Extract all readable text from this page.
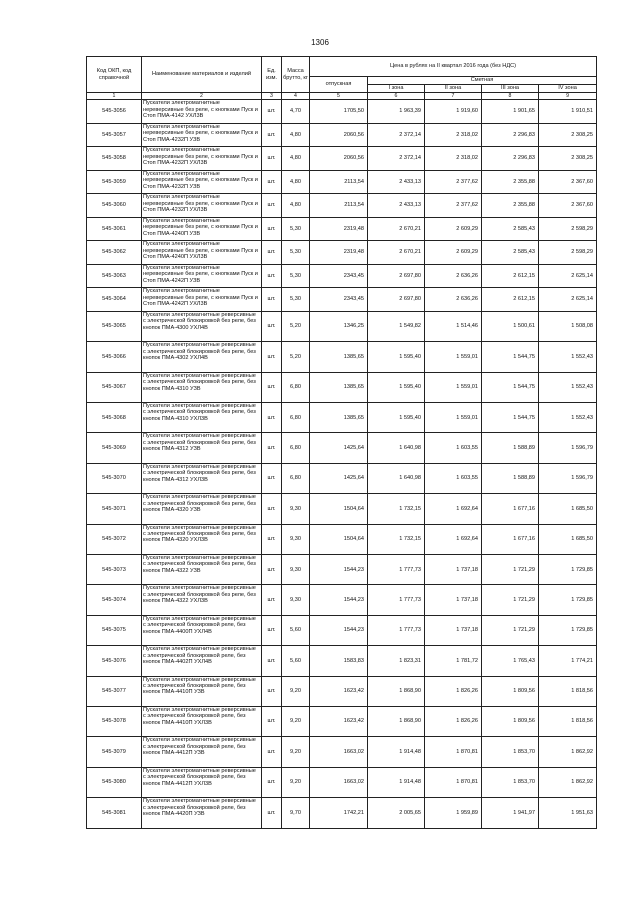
1306
Код ОКП, код справочной	Наименование материалов и изделий	Ед. изм.	Масса брутто, кг	Цена в рублях на II квартал 2016 года (без НДС)				
				отпускная	Сметная			
					I зона	II зона	III зона	IV зона
1	2	3	4	5	6	7	8	9
545-3056	Пускатели электромагнитные нереверсивные без реле, с кнопками Пуск и Стоп ПМА-4142 УХЛ3В	шт.	4,70	1705,50	1 963,39	1 919,60	1 901,65	1 910,51
545-3057	Пускатели электромагнитные нереверсивные без реле, с кнопками Пуск и Стоп ПМА-4232П УЗВ	шт.	4,80	2060,56	2 372,14	2 318,02	2 296,83	2 308,25
545-3058	Пускатели электромагнитные нереверсивные без реле, с кнопками Пуск и Стоп ПМА-4232П УХЛ3В	шт.	4,80	2060,56	2 372,14	2 318,02	2 296,83	2 308,25
545-3059	Пускатели электромагнитные нереверсивные без реле, с кнопками Пуск и Стоп ПМА-4232П УЗВ	шт.	4,80	2113,54	2 433,13	2 377,62	2 355,88	2 367,60
545-3060	Пускатели электромагнитные нереверсивные без реле, с кнопками Пуск и Стоп ПМА-4232П УХЛ3В	шт.	4,80	2113,54	2 433,13	2 377,62	2 355,88	2 367,60
545-3061	Пускатели электромагнитные нереверсивные без реле, с кнопками Пуск и Стоп ПМА-4240П УЗВ	шт.	5,30	2319,48	2 670,21	2 609,29	2 585,43	2 598,29
545-3062	Пускатели электромагнитные нереверсивные без реле, с кнопками Пуск и Стоп ПМА-4240П УХЛ3В	шт.	5,30	2319,48	2 670,21	2 609,29	2 585,43	2 598,29
545-3063	Пускатели электромагнитные нереверсивные без реле, с кнопками Пуск и Стоп ПМА-4242П УЗВ	шт.	5,30	2343,45	2 697,80	2 636,26	2 612,15	2 625,14
545-3064	Пускатели электромагнитные нереверсивные без реле, с кнопками Пуск и Стоп ПМА-4242П УХЛ3В	шт.	5,30	2343,45	2 697,80	2 636,26	2 612,15	2 625,14
545-3065	Пускатели электромагнитные реверсивные с электрической блокировкой без реле, без кнопок ПМА-4300 УХЛ4В	шт.	5,20	1346,25	1 549,82	1 514,46	1 500,61	1 508,08
545-3066	Пускатели электромагнитные реверсивные с электрической блокировкой без реле, без кнопок ПМА-4302 УХЛ4В	шт.	5,20	1385,65	1 595,40	1 559,01	1 544,75	1 552,43
545-3067	Пускатели электромагнитные реверсивные с электрической блокировкой без реле, без кнопок ПМА-4310 УЗВ	шт.	6,80	1385,65	1 595,40	1 559,01	1 544,75	1 552,43
545-3068	Пускатели электромагнитные реверсивные с электрической блокировкой без реле, без кнопок ПМА-4310 УХЛ3В	шт.	6,80	1385,65	1 595,40	1 559,01	1 544,75	1 552,43
545-3069	Пускатели электромагнитные реверсивные с электрической блокировкой без реле, без кнопок ПМА-4312 УЗВ	шт.	6,80	1425,64	1 640,98	1 603,55	1 588,89	1 596,79
545-3070	Пускатели электромагнитные реверсивные с электрической блокировкой без реле, без кнопок ПМА-4312 УХЛ3В	шт.	6,80	1425,64	1 640,98	1 603,55	1 588,89	1 596,79
545-3071	Пускатели электромагнитные реверсивные с электрической блокировкой без реле, без кнопок ПМА-4320 УЗВ	шт.	9,30	1504,64	1 732,15	1 692,64	1 677,16	1 685,50
545-3072	Пускатели электромагнитные реверсивные с электрической блокировкой без реле, без кнопок ПМА-4320 УХЛ3В	шт.	9,30	1504,64	1 732,15	1 692,64	1 677,16	1 685,50
545-3073	Пускатели электромагнитные реверсивные с электрической блокировкой без реле, без кнопок ПМА-4322 УЗВ	шт.	9,30	1544,23	1 777,73	1 737,18	1 721,29	1 729,85
545-3074	Пускатели электромагнитные реверсивные с электрической блокировкой без реле, без кнопок ПМА-4322 УХЛ3В	шт.	9,30	1544,23	1 777,73	1 737,18	1 721,29	1 729,85
545-3075	Пускатели электромагнитные реверсивные с электрической блокировкой реле, без кнопок ПМА-4400П УХЛ4В	шт.	5,60	1544,23	1 777,73	1 737,18	1 721,29	1 729,85
545-3076	Пускатели электромагнитные реверсивные с электрической блокировкой реле, без кнопок ПМА-4402П УХЛ4В	шт.	5,60	1583,83	1 823,31	1 781,72	1 765,43	1 774,21
545-3077	Пускатели электромагнитные реверсивные с электрической блокировкой реле, без кнопок ПМА-4410П УЗВ	шт.	9,20	1623,42	1 868,90	1 826,26	1 809,56	1 818,56
545-3078	Пускатели электромагнитные реверсивные с электрической блокировкой реле, без кнопок ПМА-4410П УХЛ3В	шт.	9,20	1623,42	1 868,90	1 826,26	1 809,56	1 818,56
545-3079	Пускатели электромагнитные реверсивные с электрической блокировкой реле, без кнопок ПМА-4412П УЗВ	шт.	9,20	1663,02	1 914,48	1 870,81	1 853,70	1 862,92
545-3080	Пускатели электромагнитные реверсивные с электрической блокировкой реле, без кнопок ПМА-4412П УХЛ3В	шт.	9,20	1663,02	1 914,48	1 870,81	1 853,70	1 862,92
545-3081	Пускатели электромагнитные реверсивные с электрической блокировкой реле, без кнопок ПМА-4420П УЗВ	шт.	9,70	1742,21	2 005,65	1 959,89	1 941,97	1 951,63
